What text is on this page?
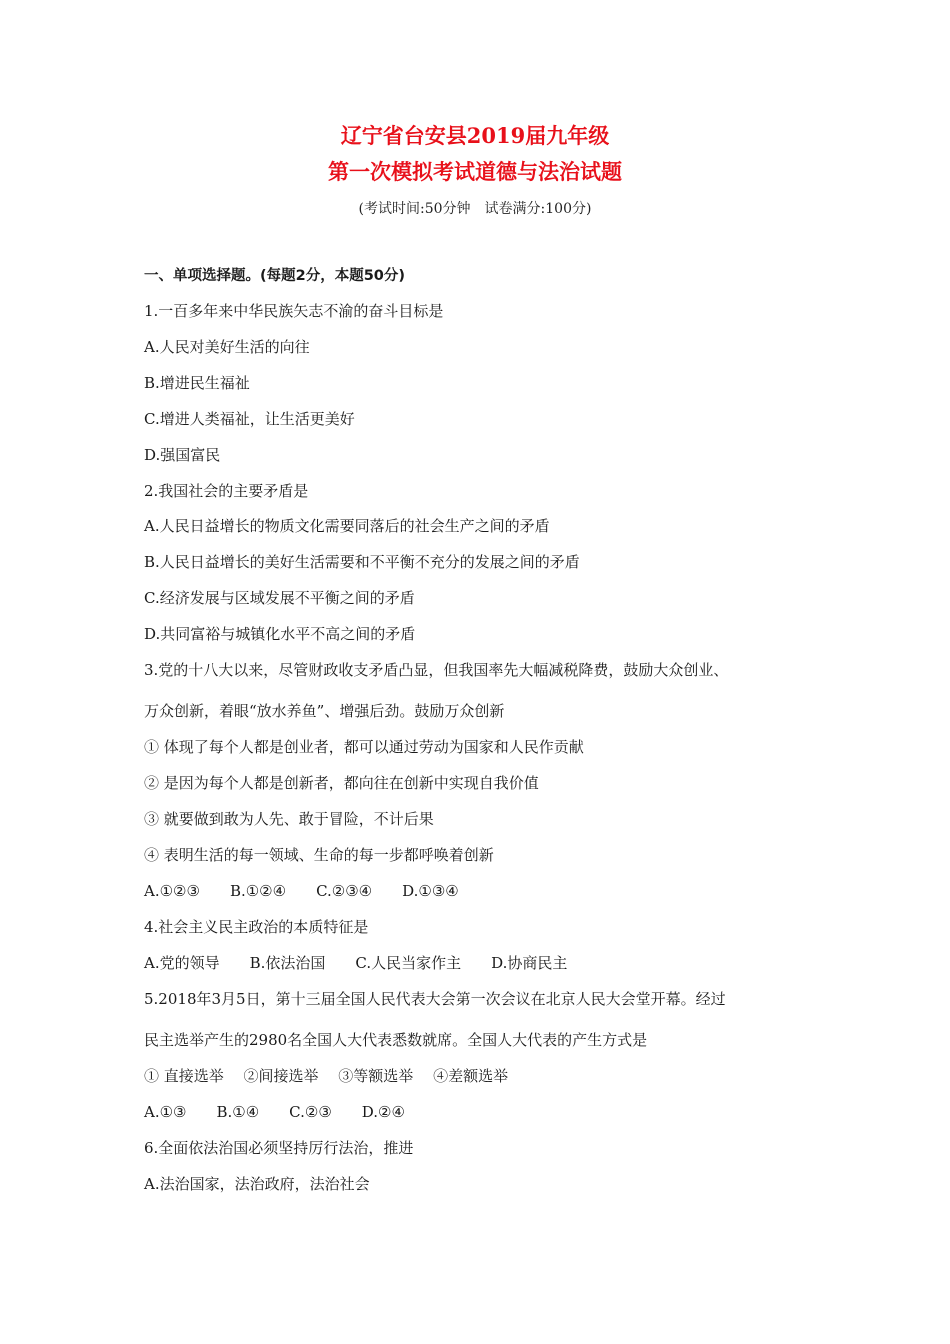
辽宁省台安县2019届九年级
第一次模拟考试道德与法治试题
(考试时间:50分钟　试卷满分:100分)
一、单项选择题。(每题2分，本题50分)
1.一百多年来中华民族矢志不渝的奋斗目标是
A.人民对美好生活的向往
B.增进民生福祉
C.增进人类福祉，让生活更美好
D.强国富民
2.我国社会的主要矛盾是
A.人民日益增长的物质文化需要同落后的社会生产之间的矛盾
B.人民日益增长的美好生活需要和不平衡不充分的发展之间的矛盾
C.经济发展与区域发展不平衡之间的矛盾
D.共同富裕与城镇化水平不高之间的矛盾
3.党的十八大以来，尽管财政收支矛盾凸显，但我国率先大幅减税降费，鼓励大众创业、
万众创新，着眼“放水养鱼”、增强后劲。鼓励万众创新
① 体现了每个人都是创业者，都可以通过劳动为国家和人民作贡献
② 是因为每个人都是创新者，都向往在创新中实现自我价值
③ 就要做到敢为人先、敢于冒险，不计后果
④ 表明生活的每一领域、生命的每一步都呼唤着创新
A.①②③　　B.①②④　　C.②③④　　D.①③④
4.社会主义民主政治的本质特征是
A.党的领导　　B.依法治国　　C.人民当家作主　　D.协商民主
5.2018年3月5日，第十三届全国人民代表大会第一次会议在北京人民大会堂开幕。经过
民主选举产生的2980名全国人大代表悉数就席。全国人大代表的产生方式是
① 直接选举　 ②间接选举　 ③等额选举　 ④差额选举
A.①③　　B.①④　　C.②③　　D.②④
6.全面依法治国必须坚持厉行法治，推进
A.法治国家，法治政府，法治社会
